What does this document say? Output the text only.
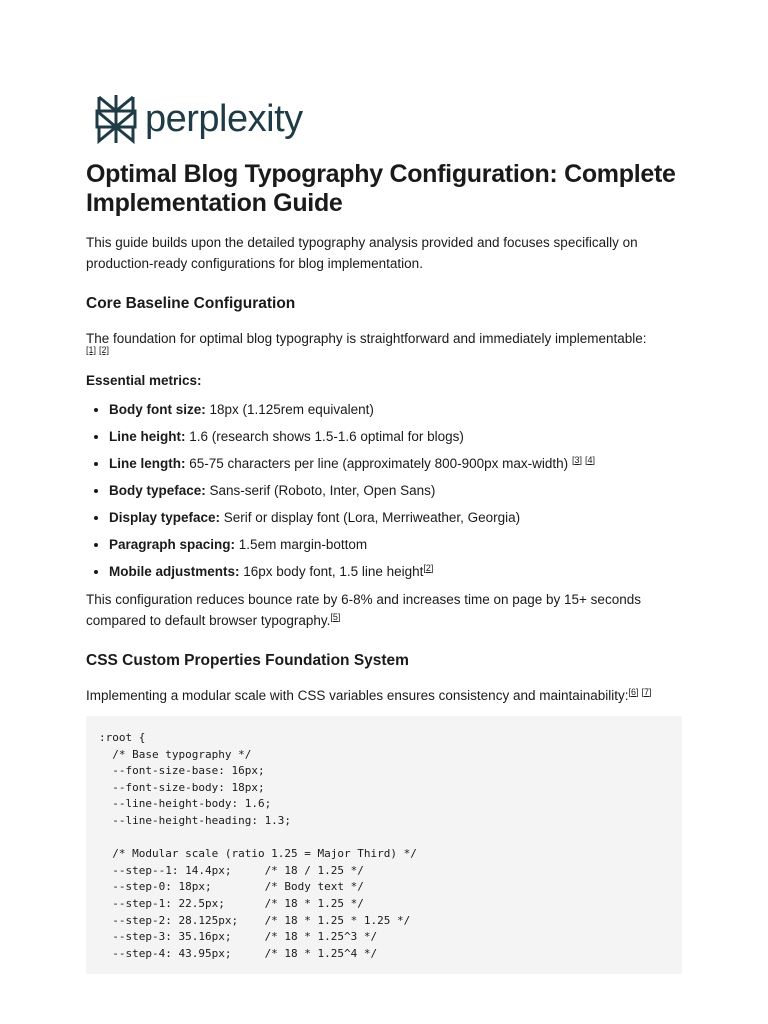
perplexity
Optimal Blog Typography Configuration: Complete Implementation Guide

This guide builds upon the detailed typography analysis provided and focuses specifically on production-ready configurations for blog implementation.

Core Baseline Configuration

The foundation for optimal blog typography is straightforward and immediately implementable:
[1] [2]

Essential metrics:
• Body font size: 18px (1.125rem equivalent)
• Line height: 1.6 (research shows 1.5-1.6 optimal for blogs)
• Line length: 65-75 characters per line (approximately 800-900px max-width) [3] [4]
• Body typeface: Sans-serif (Roboto, Inter, Open Sans)
• Display typeface: Serif or display font (Lora, Merriweather, Georgia)
• Paragraph spacing: 1.5em margin-bottom
• Mobile adjustments: 16px body font, 1.5 line height[2]

This configuration reduces bounce rate by 6-8% and increases time on page by 15+ seconds compared to default browser typography.[5]

CSS Custom Properties Foundation System

Implementing a modular scale with CSS variables ensures consistency and maintainability:[6] [7]

:root {
/* Base typography */
--font-size-base: 16px;
--font-size-body: 18px;
--line-height-body: 1.6;
--line-height-heading: 1.3;

/* Modular scale (ratio 1.25 = Major Third) */
--step--1: 14.4px;     /* 18 / 1.25 */
--step-0: 18px;        /* Body text */
--step-1: 22.5px;      /* 18 * 1.25 */
--step-2: 28.125px;    /* 18 * 1.25 * 1.25 */
--step-3: 35.16px;     /* 18 * 1.25^3 */
--step-4: 43.95px;     /* 18 * 1.25^4 */
